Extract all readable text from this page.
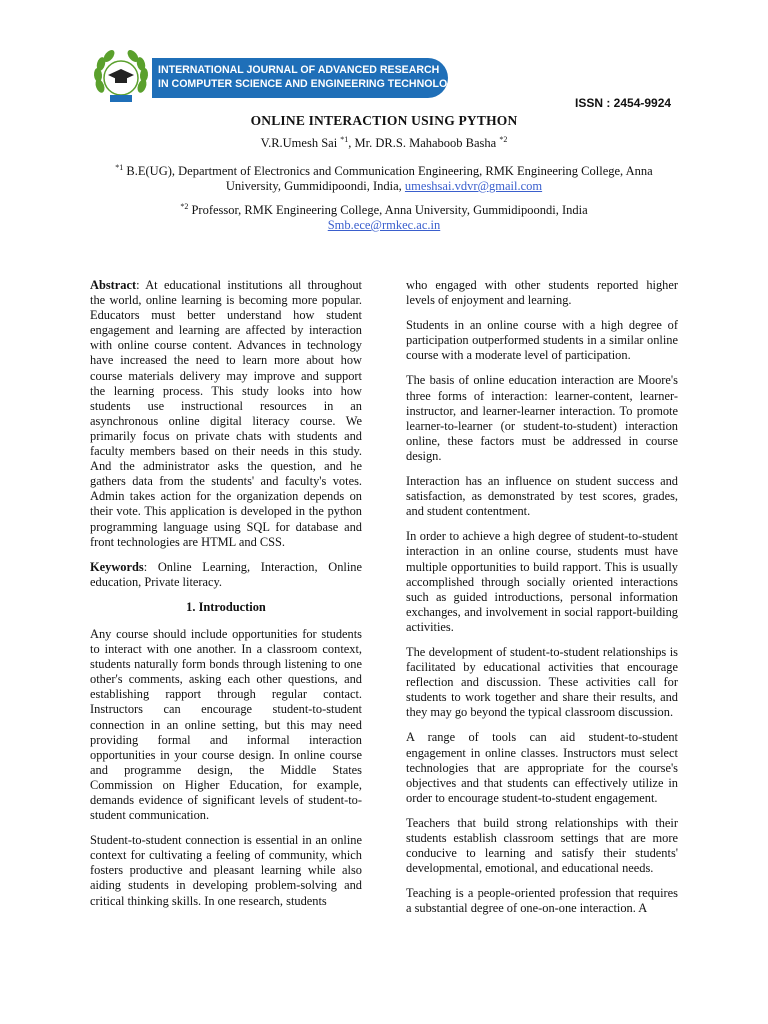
INTERNATIONAL JOURNAL OF ADVANCED RESEARCH
IN COMPUTER SCIENCE AND ENGINEERING TECHNOLOGIES
ISSN : 2454-9924
ONLINE INTERACTION USING PYTHON
V.R.Umesh Sai $^{*1}$, Mr. DR.S. Mahaboob Basha $^{*2}$
$^{*1}$ B.E(UG), Department of Electronics and Communication Engineering, RMK Engineering College, Anna University, Gummidipoondi, India, umeshsai.vdvr@gmail.com
$^{*2}$ Professor, RMK Engineering College, Anna University, Gummidipoondi, India
Smb.ece@rmkec.ac.in

Abstract: At educational institutions all throughout the world, online learning is becoming more popular. Educators must better understand how student engagement and learning are affected by interaction with online course content. Advances in technology have increased the need to learn more about how course materials delivery may improve and support the learning process. This study looks into how students use instructional resources in an asynchronous online digital literacy course. We primarily focus on private chats with students and faculty members based on their needs in this study. And the administrator asks the question, and he gathers data from the students' and faculty's votes. Admin takes action for the organization depends on their vote. This application is developed in the python programming language using SQL for database and front technologies are HTML and CSS.

Keywords: Online Learning, Interaction, Online education, Private literacy.

1. Introduction

Any course should include opportunities for students to interact with one another. In a classroom context, students naturally form bonds through listening to one other's comments, asking each other questions, and establishing rapport through regular contact. Instructors can encourage student-to-student connection in an online setting, but this may need providing formal and informal interaction opportunities in your course design. In online course and programme design, the Middle States Commission on Higher Education, for example, demands evidence of significant levels of student-to-student communication.

Student-to-student connection is essential in an online context for cultivating a feeling of community, which fosters productive and pleasant learning while also aiding students in developing problem-solving and critical thinking skills. In one research, students

who engaged with other students reported higher levels of enjoyment and learning.

Students in an online course with a high degree of participation outperformed students in a similar online course with a moderate level of participation.

The basis of online education interaction are Moore's three forms of interaction: learner-content, learner-instructor, and learner-learner interaction. To promote learner-to-learner (or student-to-student) interaction online, these factors must be addressed in course design.

Interaction has an influence on student success and satisfaction, as demonstrated by test scores, grades, and student contentment.

In order to achieve a high degree of student-to-student interaction in an online course, students must have multiple opportunities to build rapport. This is usually accomplished through socially oriented interactions such as guided introductions, personal information exchanges, and involvement in social rapport-building activities.

The development of student-to-student relationships is facilitated by educational activities that encourage reflection and discussion. These activities call for students to work together and share their results, and they may go beyond the typical classroom discussion.

A range of tools can aid student-to-student engagement in online classes. Instructors must select technologies that are appropriate for the course's objectives and that students can effectively utilize in order to encourage student-to-student engagement.

Teachers that build strong relationships with their students establish classroom settings that are more conducive to learning and satisfy their students' developmental, emotional, and educational needs.

Teaching is a people-oriented profession that requires a substantial degree of one-on-one interaction. A
